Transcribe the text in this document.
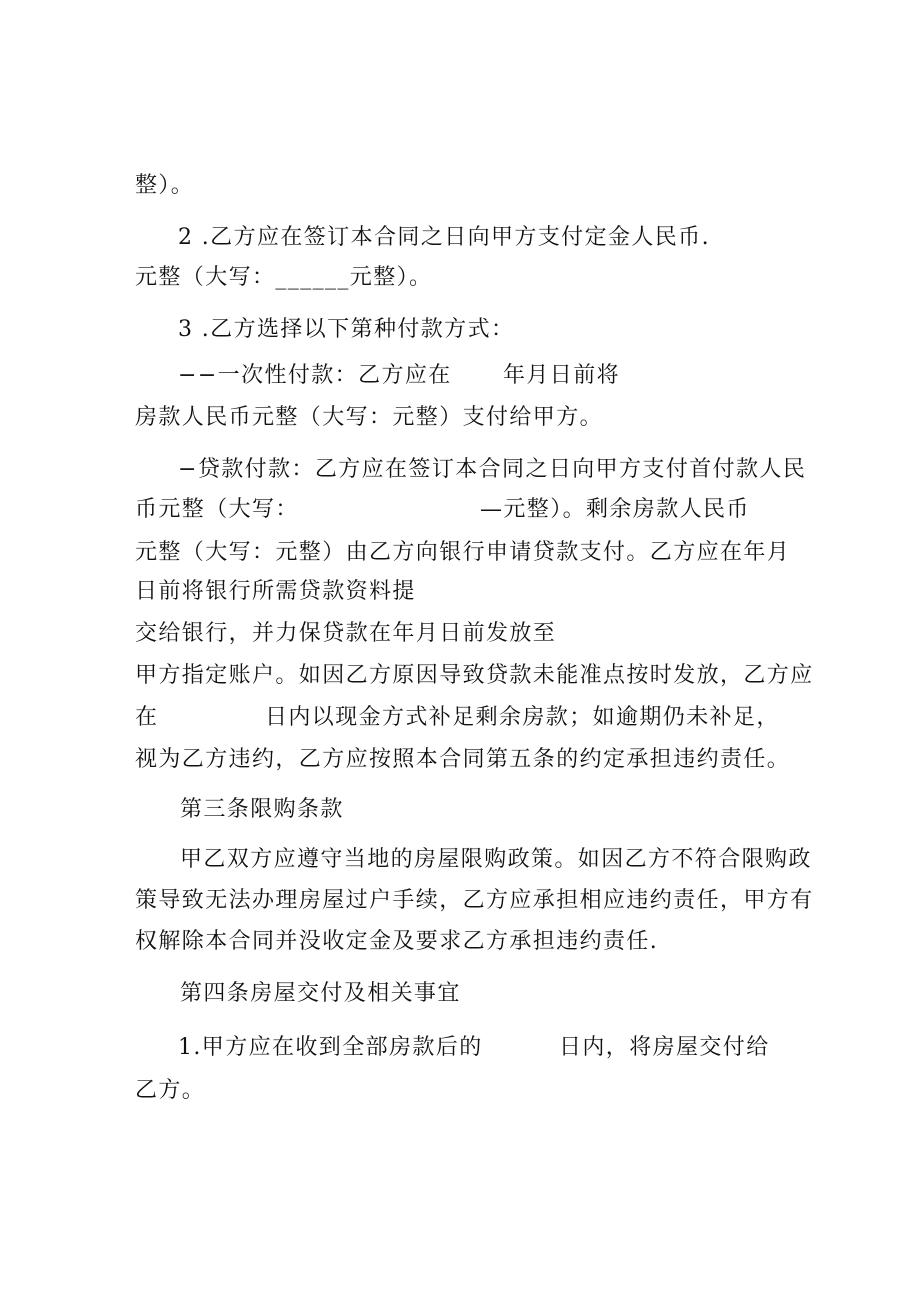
整）。
2 .乙方应在签订本合同之日向甲方支付定金人民币.
元整（大写：______元整）。
3 .乙方选择以下第种付款方式：
−−一次性付款：乙方应在 年月日前将
房款人民币元整（大写：元整）支付给甲方。
−贷款付款：乙方应在签订本合同之日向甲方支付首付款人民
币元整（大写：	—元整）。剩余房款人民币
元整（大写：元整）由乙方向银行申请贷款支付。乙方应在年月
日前将银行所需贷款资料提
交给银行，并力保贷款在年月日前发放至
甲方指定账户。如因乙方原因导致贷款未能准点按时发放，乙方应
在	日内以现金方式补足剩余房款；如逾期仍未补足，
视为乙方违约，乙方应按照本合同第五条的约定承担违约责任。
第三条限购条款
甲乙双方应遵守当地的房屋限购政策。如因乙方不符合限购政
策导致无法办理房屋过户手续，乙方应承担相应违约责任，甲方有
权解除本合同并没收定金及要求乙方承担违约责任.
第四条房屋交付及相关事宜
1.甲方应在收到全部房款后的	日内，将房屋交付给
乙方。
